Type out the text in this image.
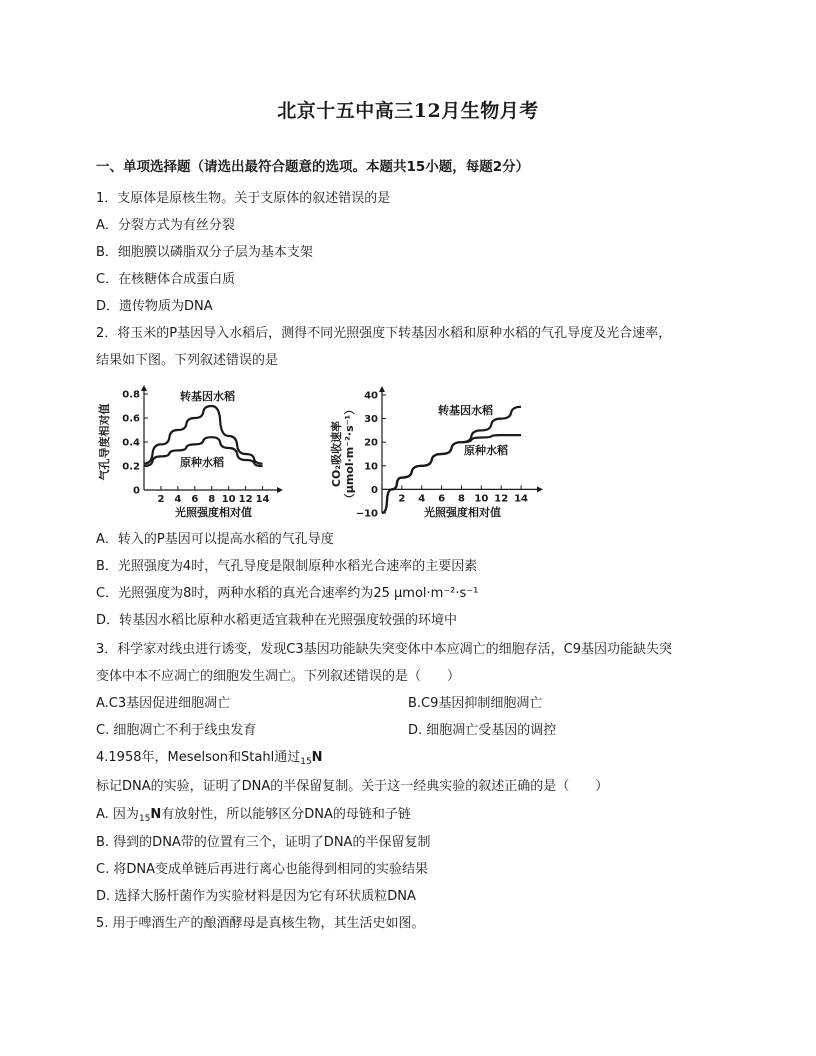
北京十五中高三12月生物月考
一、单项选择题（请选出最符合题意的选项。本题共15小题，每题2分）
1．支原体是原核生物。关于支原体的叙述错误的是
A．分裂方式为有丝分裂
B．细胞膜以磷脂双分子层为基本支架
C．在核糖体合成蛋白质
D．遗传物质为DNA
2．将玉米的P基因导入水稻后，测得不同光照强度下转基因水稻和原种水稻的气孔导度及光合速率，
结果如下图。下列叙述错误的是
0
0.2
0.4
0.6
0.8
2 4 6 8 10 12 14
光照强度相对值
气孔导度相对值
转基因水稻
原种水稻
−10
0
10
20
30
40
2 4 6 8 10 12 14
光照强度相对值
CO₂吸收速率 （μmol·m⁻²·s⁻¹）	转基因水稻
原种水稻
A．转入的P基因可以提高水稻的气孔导度
B．光照强度为4时，气孔导度是限制原种水稻光合速率的主要因素
C．光照强度为8时，两种水稻的真光合速率约为25 μmol·m⁻²·s⁻¹
D．转基因水稻比原种水稻更适宜栽种在光照强度较强的环境中
3．科学家对线虫进行诱变，发现C3基因功能缺失突变体中本应凋亡的细胞存活，C9基因功能缺失突
变体中本不应凋亡的细胞发生凋亡。下列叙述错误的是（　　）
A.C3基因促进细胞凋亡	B.C9基因抑制细胞凋亡
C. 细胞凋亡不利于线虫发育	D. 细胞凋亡受基因的调控
4.1958年，Meselson和Stahl通过$_{15}$N
标记DNA的实验，证明了DNA的半保留复制。关于这一经典实验的叙述正确的是（　　）
A. 因为$_{15}$N有放射性，所以能够区分DNA的母链和子链
B. 得到的DNA带的位置有三个，证明了DNA的半保留复制
C. 将DNA变成单链后再进行离心也能得到相同的实验结果
D. 选择大肠杆菌作为实验材料是因为它有环状质粒DNA
5. 用于啤酒生产的酿酒酵母是真核生物，其生活史如图。
